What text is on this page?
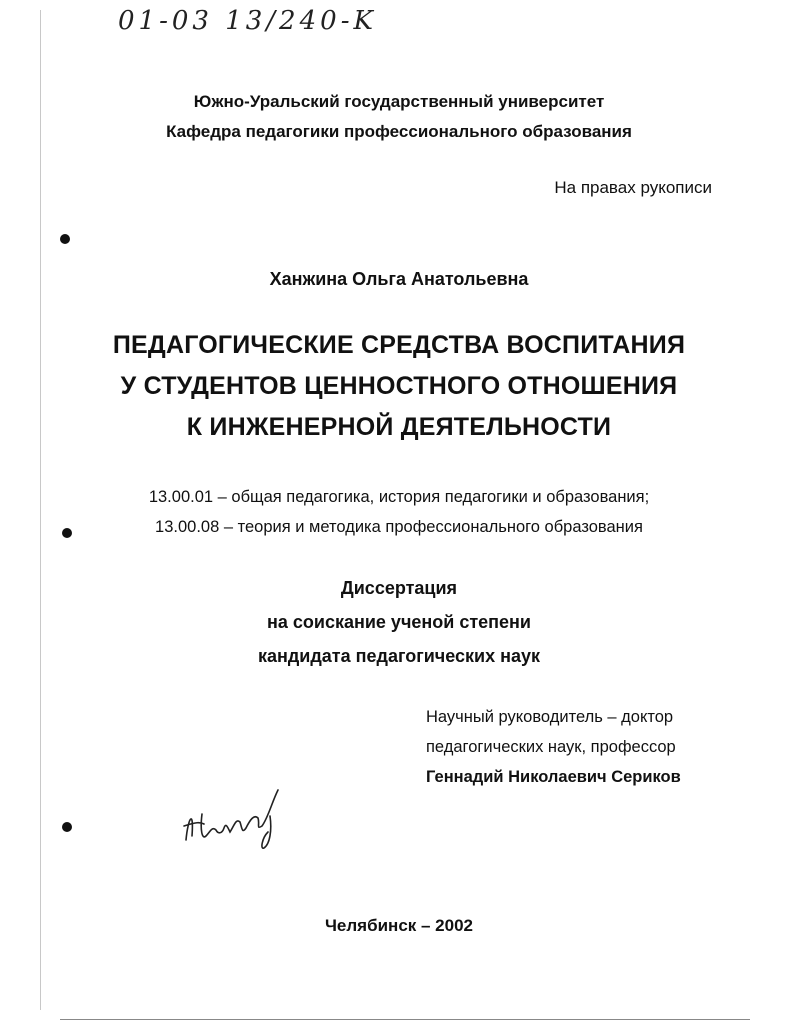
01-03 13/240-K
Южно-Уральский государственный университет
Кафедра педагогики профессионального образования
На правах рукописи
Ханжина Ольга Анатольевна
ПЕДАГОГИЧЕСКИЕ СРЕДСТВА ВОСПИТАНИЯ
У СТУДЕНТОВ ЦЕННОСТНОГО ОТНОШЕНИЯ
К ИНЖЕНЕРНОЙ ДЕЯТЕЛЬНОСТИ
13.00.01 – общая педагогика, история педагогики и образования;
13.00.08 – теория и методика профессионального образования
Диссертация
на соискание ученой степени
кандидата педагогических наук
Научный руководитель – доктор
педагогических наук, профессор
Геннадий Николаевич Сериков
Челябинск – 2002
